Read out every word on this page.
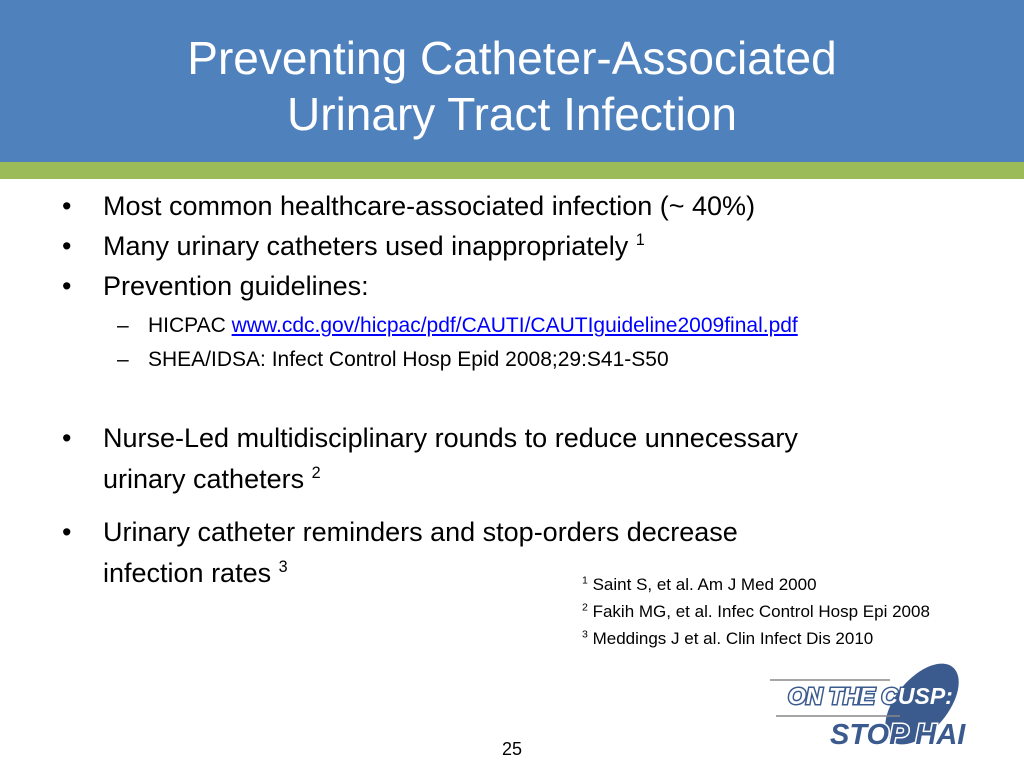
Preventing Catheter-Associated
Urinary Tract Infection
• Most common healthcare-associated infection (~ 40%)
• Many urinary catheters used inappropriately $^1$
• Prevention guidelines:
– HICPAC www.cdc.gov/hicpac/pdf/CAUTI/CAUTIguideline2009final.pdf
– SHEA/IDSA: Infect Control Hosp Epid 2008;29:S41-S50
• Nurse-Led multidisciplinary rounds to reduce unnecessary
urinary catheters $^2$
• Urinary catheter reminders and stop-orders decrease
infection rates $^3$
$^1$ Saint S, et al. Am J Med 2000
$^2$ Fakih MG, et al. Infec Control Hosp Epi 2008
$^3$ Meddings J et al. Clin Infect Dis 2010
ON THE CUSP:
STOP HAI
25
